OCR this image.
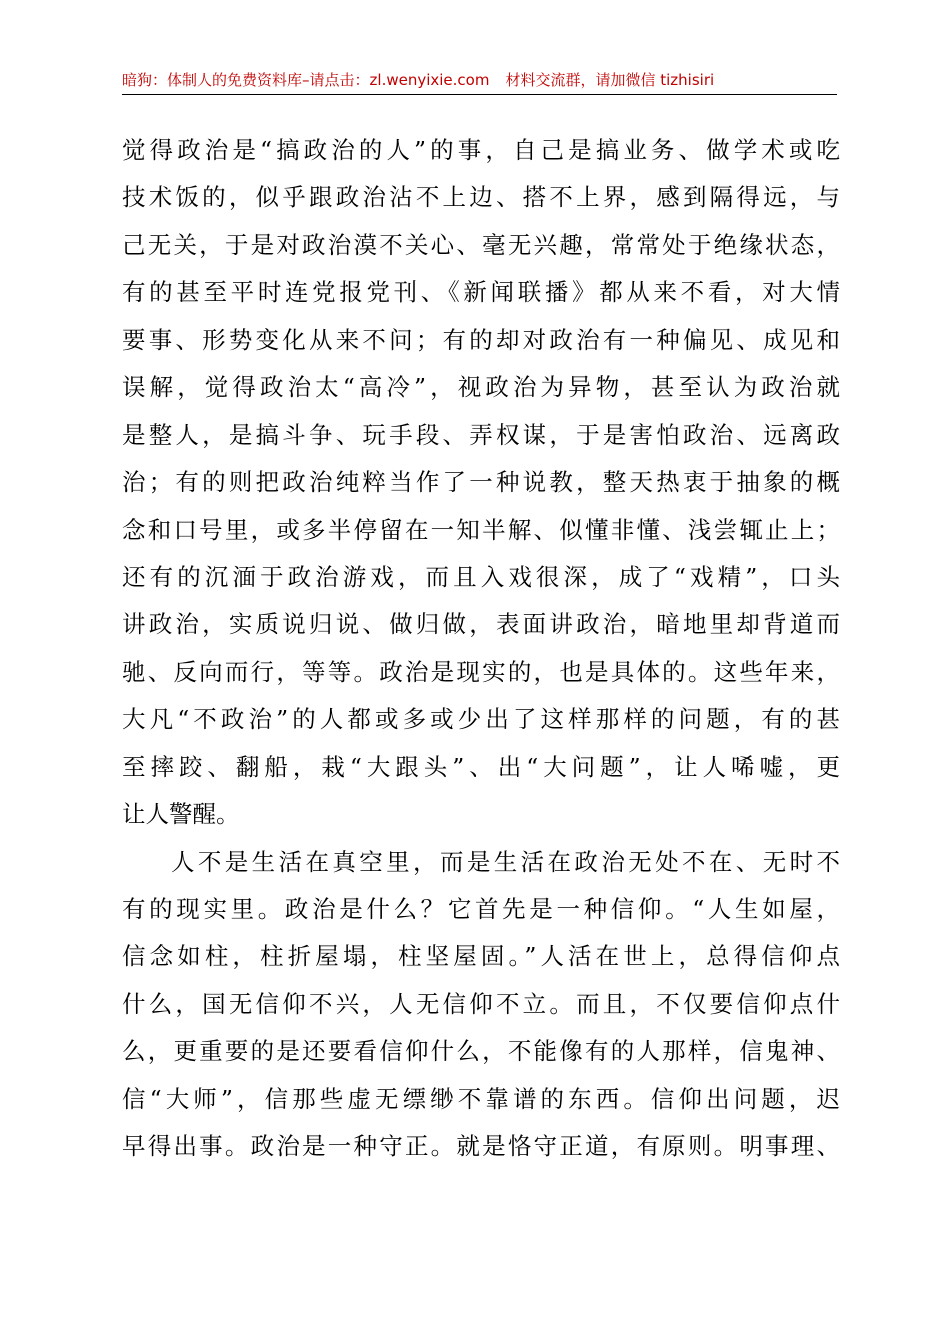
暗狗：体制人的免费资料库–请点击：zl.wenyixie.com 材料交流群，请加微信 tizhisiri
觉得政治是“搞政治的人”的事，自己是搞业务、做学术或吃
技术饭的，似乎跟政治沾不上边、搭不上界，感到隔得远，与
己无关，于是对政治漠不关心、毫无兴趣，常常处于绝缘状态，
有的甚至平时连党报党刊、《新闻联播》都从来不看，对大情
要事、形势变化从来不问；有的却对政治有一种偏见、成见和
误解，觉得政治太“高冷”，视政治为异物，甚至认为政治就
是整人，是搞斗争、玩手段、弄权谋，于是害怕政治、远离政
治；有的则把政治纯粹当作了一种说教，整天热衷于抽象的概
念和口号里，或多半停留在一知半解、似懂非懂、浅尝辄止上；
还有的沉湎于政治游戏，而且入戏很深，成了“戏精”，口头
讲政治，实质说归说、做归做，表面讲政治，暗地里却背道而
驰、反向而行，等等。政治是现实的，也是具体的。这些年来，
大凡“不政治”的人都或多或少出了这样那样的问题，有的甚
至摔跤、翻船，栽“大跟头”、出“大问题”，让人唏嘘，更
让人警醒。
人不是生活在真空里，而是生活在政治无处不在、无时不
有的现实里。政治是什么？它首先是一种信仰。“人生如屋，
信念如柱，柱折屋塌，柱坚屋固。”人活在世上，总得信仰点
什么，国无信仰不兴，人无信仰不立。而且，不仅要信仰点什
么，更重要的是还要看信仰什么，不能像有的人那样，信鬼神、
信“大师”，信那些虚无缥缈不靠谱的东西。信仰出问题，迟
早得出事。政治是一种守正。就是恪守正道，有原则。明事理、
